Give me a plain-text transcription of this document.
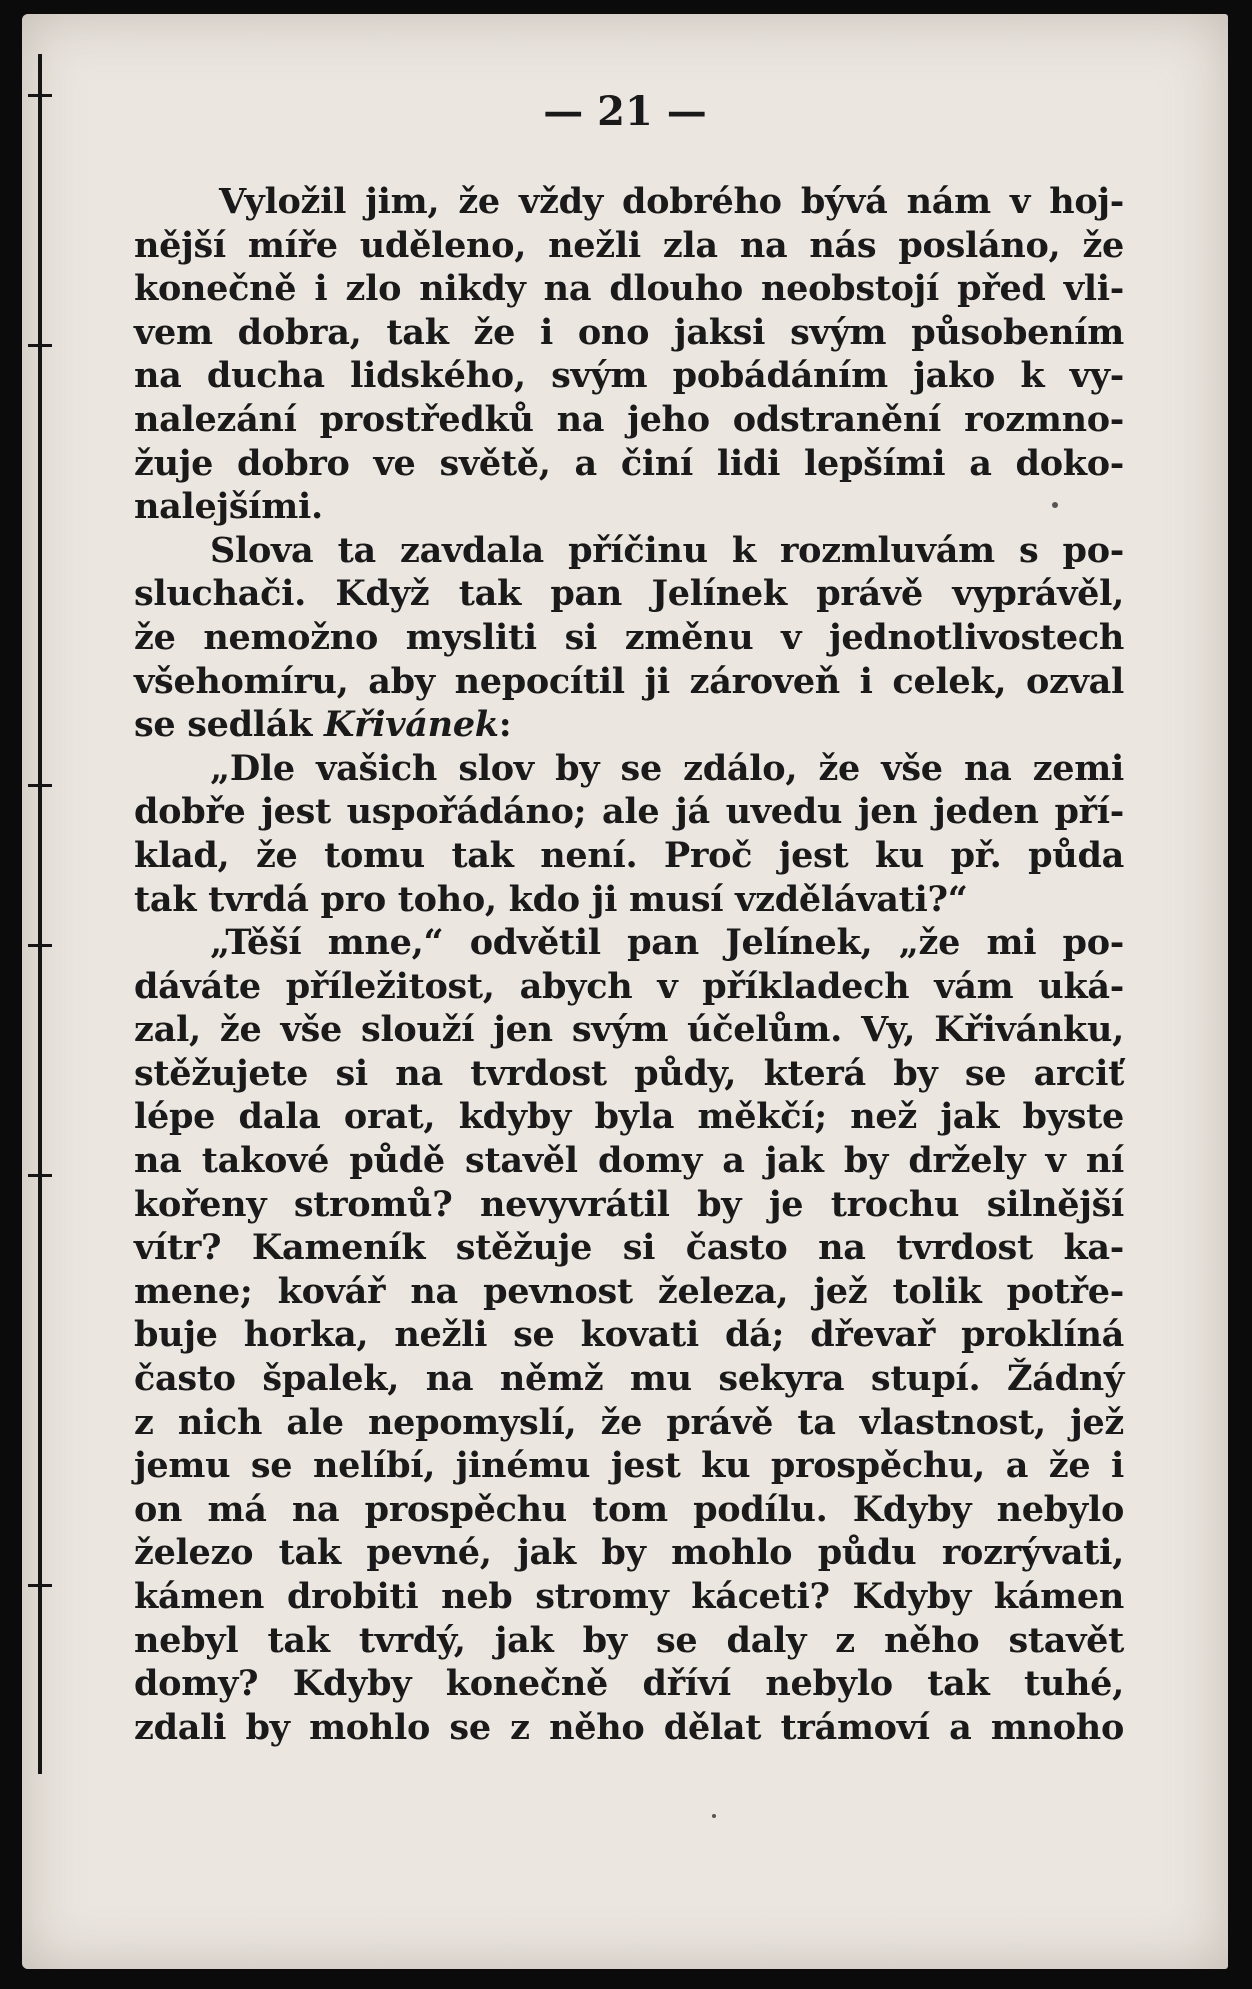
— 21 —
Vyložil jim, že vždy dobrého bývá nám v hoj-
nější míře uděleno, nežli zla na nás posláno, že
konečně i zlo nikdy na dlouho neobstojí před vli-
vem dobra, tak že i ono jaksi svým působením
na ducha lidského, svým pobádáním jako k vy-
nalezání prostředků na jeho odstranění rozmno-
žuje dobro ve světě, a činí lidi lepšími a doko-
nalejšími.
Slova ta zavdala příčinu k rozmluvám s po-
sluchači. Když tak pan Jelínek právě vyprávěl,
že nemožno mysliti si změnu v jednotlivostech
všehomíru, aby nepocítil ji zároveň i celek, ozval
se sedlák Křivánek:
„Dle vašich slov by se zdálo, že vše na zemi
dobře jest uspořádáno; ale já uvedu jen jeden pří-
klad, že tomu tak není. Proč jest ku př. půda
tak tvrdá pro toho, kdo ji musí vzdělávati?“
„Těší mne,“ odvětil pan Jelínek, „že mi po-
dáváte příležitost, abych v příkladech vám uká-
zal, že vše slouží jen svým účelům. Vy, Křivánku,
stěžujete si na tvrdost půdy, která by se arciť
lépe dala orat, kdyby byla měkčí; než jak byste
na takové půdě stavěl domy a jak by držely v ní
kořeny stromů? nevyvrátil by je trochu silnější
vítr? Kameník stěžuje si často na tvrdost ka-
mene; kovář na pevnost železa, jež tolik potře-
buje horka, nežli se kovati dá; dřevař proklíná
často špalek, na němž mu sekyra stupí. Žádný
z nich ale nepomyslí, že právě ta vlastnost, jež
jemu se nelíbí, jinému jest ku prospěchu, a že i
on má na prospěchu tom podílu. Kdyby nebylo
železo tak pevné, jak by mohlo půdu rozrývati,
kámen drobiti neb stromy káceti? Kdyby kámen
nebyl tak tvrdý, jak by se daly z něho stavět
domy? Kdyby konečně dříví nebylo tak tuhé,
zdali by mohlo se z něho dělat trámoví a mnoho
